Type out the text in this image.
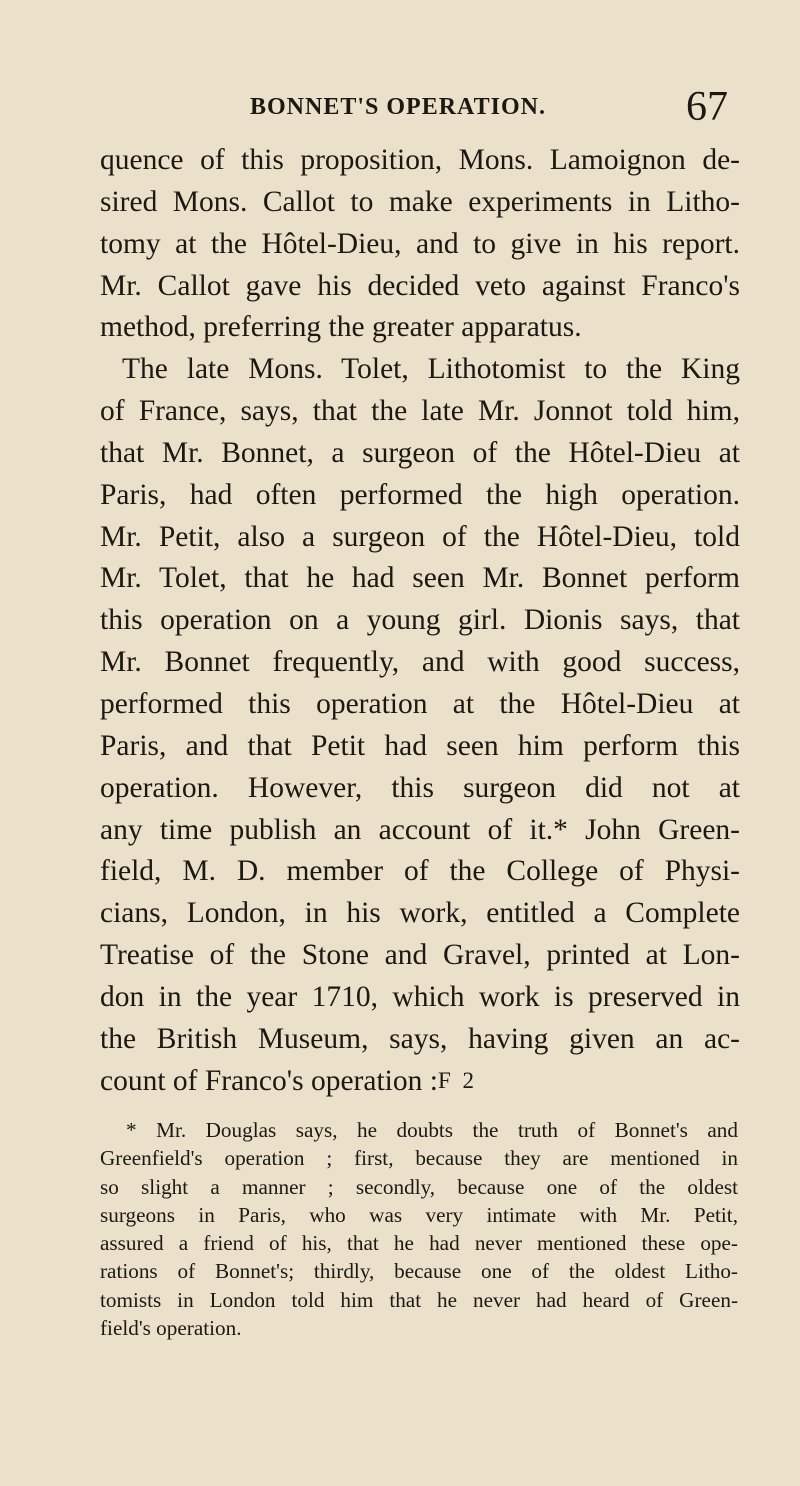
BONNET'S OPERATION.	67
quence of this proposition, Mons. Lamoignon de-
sired Mons. Callot to make experiments in Litho-
tomy at the Hôtel-Dieu, and to give in his report.
Mr. Callot gave his decided veto against Franco's
method, preferring the greater apparatus.
The late Mons. Tolet, Lithotomist to the King
of France, says, that the late Mr. Jonnot told him,
that Mr. Bonnet, a surgeon of the Hôtel-Dieu at
Paris, had often performed the high operation.
Mr. Petit, also a surgeon of the Hôtel-Dieu, told
Mr. Tolet, that he had seen Mr. Bonnet perform
this operation on a young girl. Dionis says, that
Mr. Bonnet frequently, and with good success,
performed this operation at the Hôtel-Dieu at
Paris, and that Petit had seen him perform this
operation. However, this surgeon did not at
any time publish an account of it.* John Green-
field, M. D. member of the College of Physi-
cians, London, in his work, entitled a Complete
Treatise of the Stone and Gravel, printed at Lon-
don in the year 1710, which work is preserved in
the British Museum, says, having given an ac-
count of Franco's operation : F 2
* Mr. Douglas says, he doubts the truth of Bonnet's and
Greenfield's operation ; first, because they are mentioned in
so slight a manner ; secondly, because one of the oldest
surgeons in Paris, who was very intimate with Mr. Petit,
assured a friend of his, that he had never mentioned these ope-
rations of Bonnet's; thirdly, because one of the oldest Litho-
tomists in London told him that he never had heard of Green-
field's operation.
